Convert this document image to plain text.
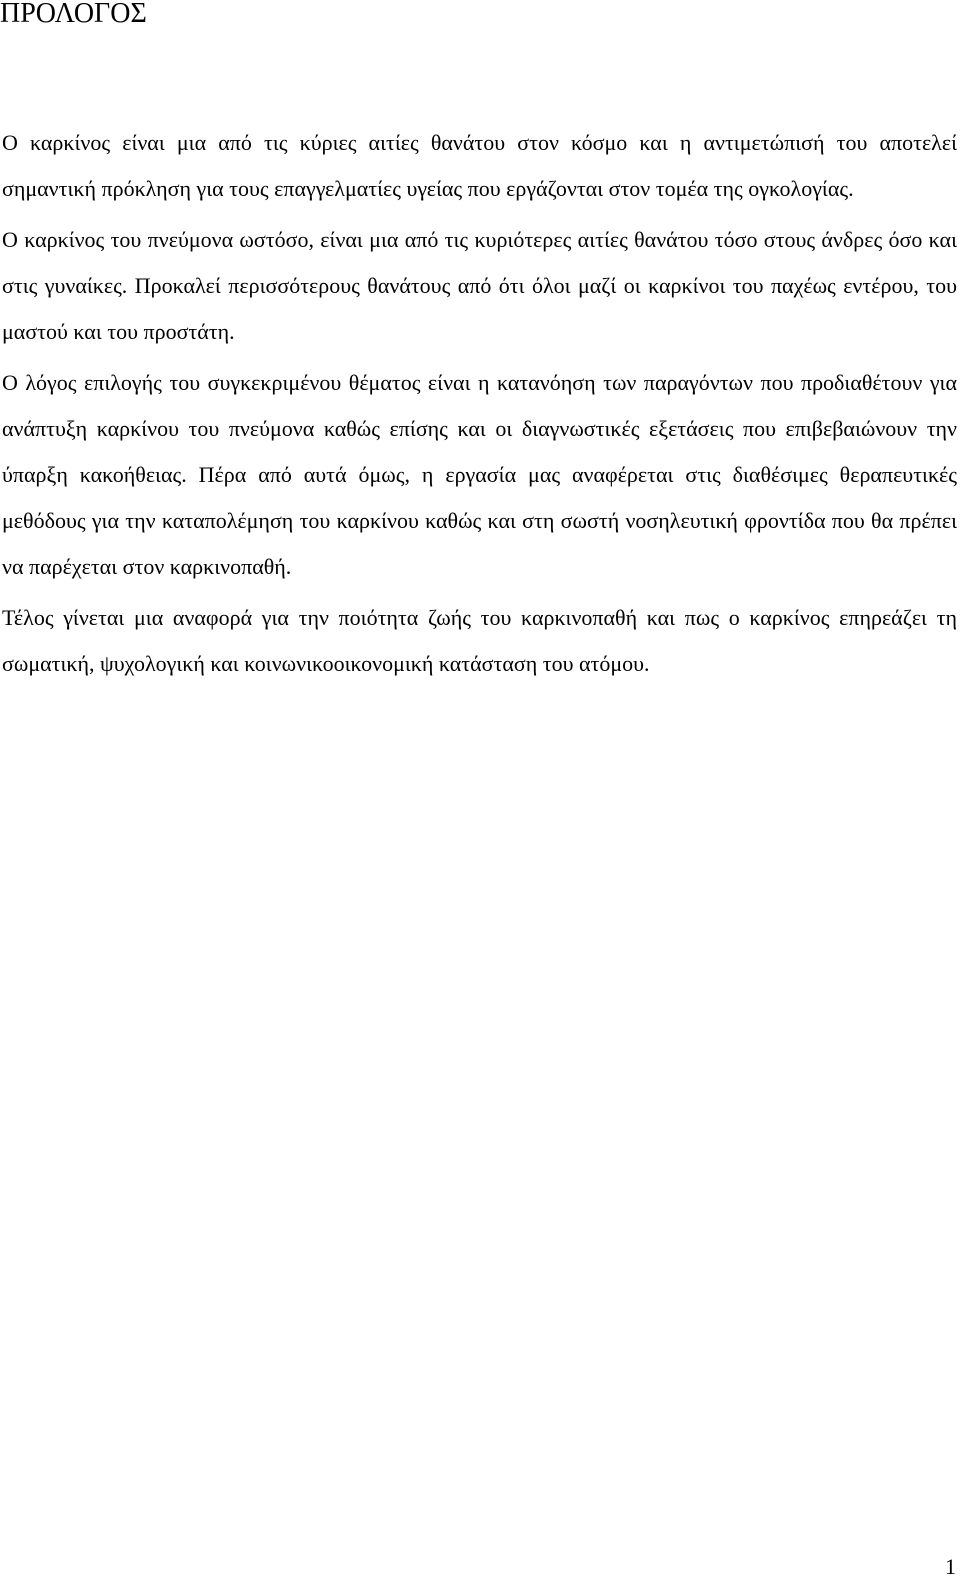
ΠΡΟΛΟΓΟΣ

Ο καρκίνος είναι μια από τις κύριες αιτίες θανάτου στον κόσμο και η αντιμετώπισή του αποτελεί σημαντική πρόκληση για τους επαγγελματίες υγείας που εργάζονται στον τομέα της ογκολογίας.

Ο καρκίνος του πνεύμονα ωστόσο, είναι μια από τις κυριότερες αιτίες θανάτου τόσο στους άνδρες όσο και στις γυναίκες. Προκαλεί περισσότερους θανάτους από ότι όλοι μαζί οι καρκίνοι του παχέως εντέρου, του μαστού και του προστάτη.

Ο λόγος επιλογής του συγκεκριμένου θέματος είναι η κατανόηση των παραγόντων που προδιαθέτουν για ανάπτυξη καρκίνου του πνεύμονα καθώς επίσης και οι διαγνωστικές εξετάσεις που επιβεβαιώνουν την ύπαρξη κακοήθειας. Πέρα από αυτά όμως, η εργασία μας αναφέρεται στις διαθέσιμες θεραπευτικές μεθόδους για την καταπολέμηση του καρκίνου καθώς και στη σωστή νοσηλευτική φροντίδα που θα πρέπει να παρέχεται στον καρκινοπαθή.

Τέλος γίνεται μια αναφορά για την ποιότητα ζωής του καρκινοπαθή και πως ο καρκίνος επηρεάζει τη σωματική, ψυχολογική και κοινωνικοοικονομική κατάσταση του ατόμου.

1
